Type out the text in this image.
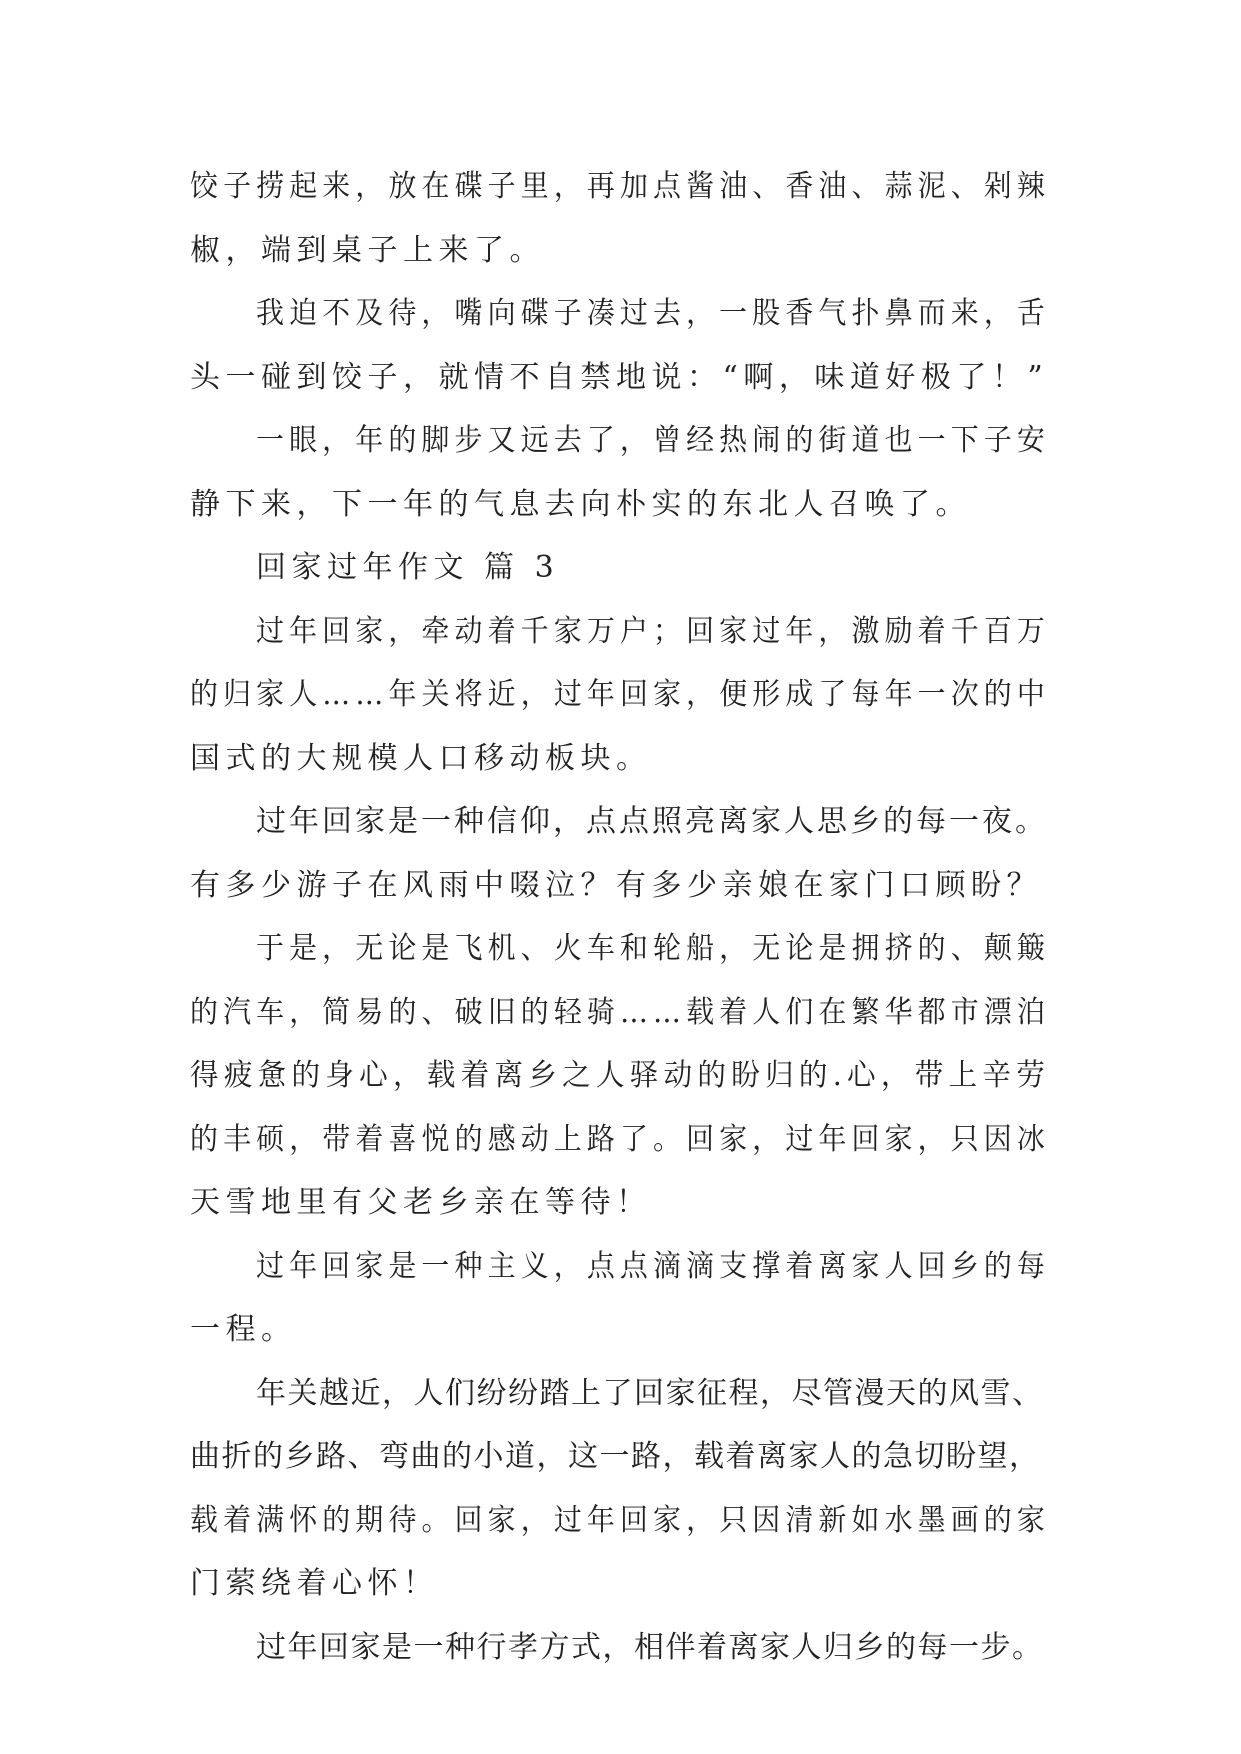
饺子捞起来，放在碟子里，再加点酱油、香油、蒜泥、剁辣
椒，端到桌子上来了。
我迫不及待，嘴向碟子凑过去，一股香气扑鼻而来，舌
头一碰到饺子，就情不自禁地说：“啊，味道好极了！”
一眼，年的脚步又远去了，曾经热闹的街道也一下子安
静下来，下一年的气息去向朴实的东北人召唤了。
回家过年作文 篇 3
过年回家，牵动着千家万户；回家过年，激励着千百万
的归家人……年关将近，过年回家，便形成了每年一次的中
国式的大规模人口移动板块。
过年回家是一种信仰，点点照亮离家人思乡的每一夜。
有多少游子在风雨中啜泣？有多少亲娘在家门口顾盼？
于是，无论是飞机、火车和轮船，无论是拥挤的、颠簸
的汽车，简易的、破旧的轻骑……载着人们在繁华都市漂泊
得疲惫的身心，载着离乡之人驿动的盼归的.心，带上辛劳
的丰硕，带着喜悦的感动上路了。回家，过年回家，只因冰
天雪地里有父老乡亲在等待！
过年回家是一种主义，点点滴滴支撑着离家人回乡的每
一程。
年关越近，人们纷纷踏上了回家征程，尽管漫天的风雪、
曲折的乡路、弯曲的小道，这一路，载着离家人的急切盼望，
载着满怀的期待。回家，过年回家，只因清新如水墨画的家
门萦绕着心怀！
过年回家是一种行孝方式，相伴着离家人归乡的每一步。
